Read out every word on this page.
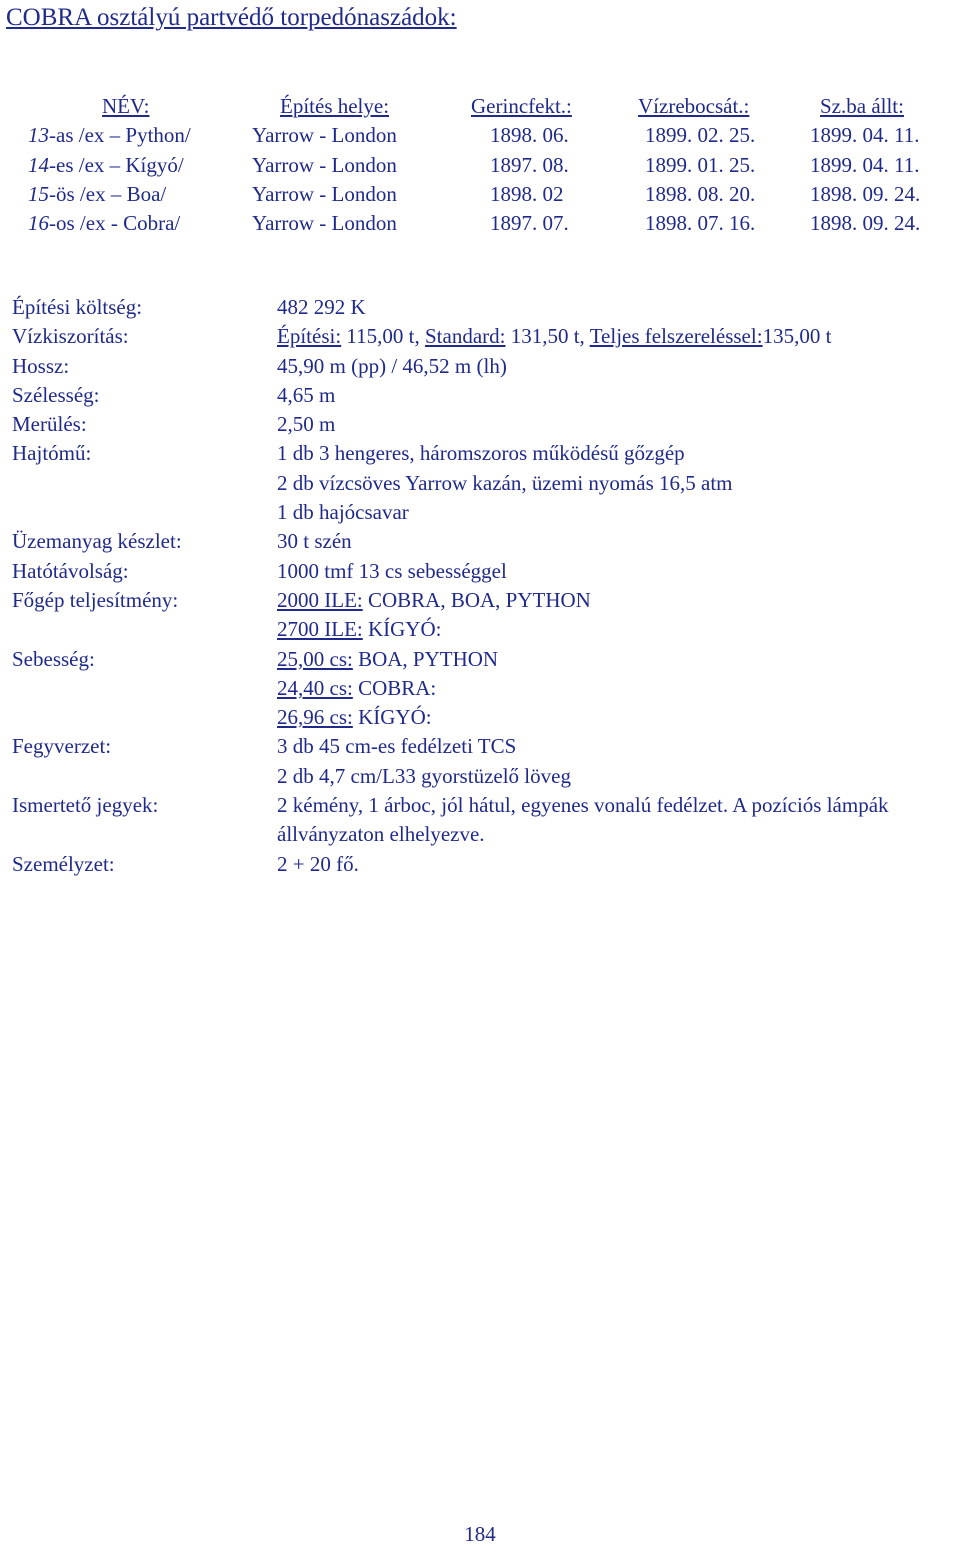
COBRA osztályú partvédő torpedónaszádok:
NÉV:	Építés helye:	Gerincfekt.:	Vízrebocsát.:	Sz.ba állt:
13-as /ex – Python/	Yarrow - London	1898. 06.	1899. 02. 25.	1899. 04. 11.
14-es /ex – Kígyó/	Yarrow - London	1897. 08.	1899. 01. 25.	1899. 04. 11.
15-ös /ex – Boa/	Yarrow - London	1898. 02	1898. 08. 20.	1898. 09. 24.
16-os /ex - Cobra/	Yarrow - London	1897. 07.	1898. 07. 16.	1898. 09. 24.
Építési költség:	482 292 K
Vízkiszorítás:	Építési: 115,00 t, Standard: 131,50 t, Teljes felszereléssel:135,00 t
Hossz:	45,90 m (pp) / 46,52 m (lh)
Szélesség:	4,65 m
Merülés:	2,50 m
Hajtómű:	1 db 3 hengeres, háromszoros működésű gőzgép
2 db vízcsöves Yarrow kazán, üzemi nyomás 16,5 atm
1 db hajócsavar
Üzemanyag készlet:	30 t szén
Hatótávolság:	1000 tmf 13 cs sebességgel
Főgép teljesítmény:	2000 ILE: COBRA, BOA, PYTHON
2700 ILE: KÍGYÓ:
Sebesség:	25,00 cs: BOA, PYTHON
24,40 cs: COBRA:
26,96 cs: KÍGYÓ:
Fegyverzet:	3 db 45 cm-es fedélzeti TCS
2 db 4,7 cm/L33 gyorstüzelő löveg
Ismertető jegyek:	2 kémény, 1 árboc, jól hátul, egyenes vonalú fedélzet. A pozíciós lámpák állványzaton elhelyezve.
Személyzet:	2 + 20 fő.
184
